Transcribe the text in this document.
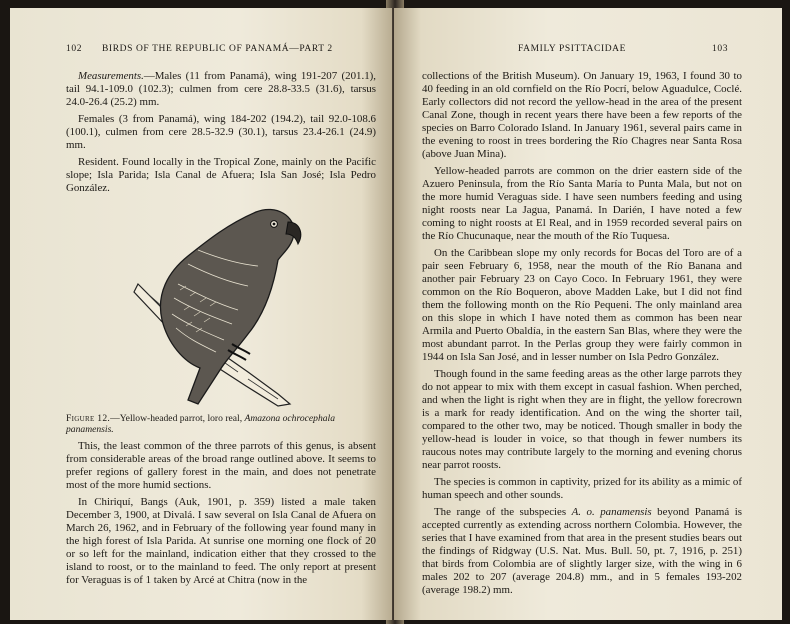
102 BIRDS OF THE REPUBLIC OF PANAMÁ—PART 2

Measurements.—Males (11 from Panamá), wing 191-207 (201.1), tail 94.1-109.0 (102.3); culmen from cere 28.8-33.5 (31.6), tarsus 24.0-26.4 (25.2) mm.

Females (3 from Panamá), wing 184-202 (194.2), tail 92.0-108.6 (100.1), culmen from cere 28.5-32.9 (30.1), tarsus 23.4-26.1 (24.9) mm.

Resident. Found locally in the Tropical Zone, mainly on the Pacific slope; Isla Parida; Isla Canal de Afuera; Isla San José; Isla Pedro González.

Figure 12.—Yellow-headed parrot, loro real, Amazona ochrocephala panamensis.

This, the least common of the three parrots of this genus, is absent from considerable areas of the broad range outlined above. It seems to prefer regions of gallery forest in the main, and does not penetrate most of the more humid sections.

In Chiriquí, Bangs (Auk, 1901, p. 359) listed a male taken December 3, 1900, at Divalá. I saw several on Isla Canal de Afuera on March 26, 1962, and in February of the following year found many in the high forest of Isla Parida. At sunrise one morning one flock of 20 or so left for the mainland, indication either that they crossed to the island to roost, or to the mainland to feed. The only report at present for Veraguas is of 1 taken by Arcé at Chitra (now in the

FAMILY PSITTACIDAE	103

collections of the British Museum). On January 19, 1963, I found 30 to 40 feeding in an old cornfield on the Río Pocrí, below Aguadulce, Coclé. Early collectors did not record the yellow-head in the area of the present Canal Zone, though in recent years there have been a few reports of the species on Barro Colorado Island. In January 1961, several pairs came in the evening to roost in trees bordering the Río Chagres near Santa Rosa (above Juan Mina).

Yellow-headed parrots are common on the drier eastern side of the Azuero Peninsula, from the Río Santa María to Punta Mala, but not on the more humid Veraguas side. I have seen numbers feeding and using night roosts near La Jagua, Panamá. In Darién, I have noted a few coming to night roosts at El Real, and in 1959 recorded several pairs on the Río Chucunaque, near the mouth of the Río Tuquesa.

On the Caribbean slope my only records for Bocas del Toro are of a pair seen February 6, 1958, near the mouth of the Río Banana and another pair February 23 on Cayo Coco. In February 1961, they were common on the Río Boqueron, above Madden Lake, but I did not find them the following month on the Río Pequeni. The only mainland area on this slope in which I have noted them as common has been near Armila and Puerto Obaldía, in the eastern San Blas, where they were the most abundant parrot. In the Perlas group they were fairly common in 1944 on Isla San José, and in lesser number on Isla Pedro González.

Though found in the same feeding areas as the other large parrots they do not appear to mix with them except in casual fashion. When perched, and when the light is right when they are in flight, the yellow forecrown is a mark for ready identification. And on the wing the shorter tail, compared to the other two, may be noticed. Though smaller in body the yellow-head is louder in voice, so that though in fewer numbers its raucous notes may contribute largely to the morning and evening chorus near parrot roosts.

The species is common in captivity, prized for its ability as a mimic of human speech and other sounds.

The range of the subspecies A. o. panamensis beyond Panamá is accepted currently as extending across northern Colombia. However, the series that I have examined from that area in the present studies bears out the findings of Ridgway (U.S. Nat. Mus. Bull. 50, pt. 7, 1916, p. 251) that birds from Colombia are of slightly larger size, with the wing in 6 males 202 to 207 (average 204.8) mm., and in 5 females 193-202 (average 198.2) mm.
